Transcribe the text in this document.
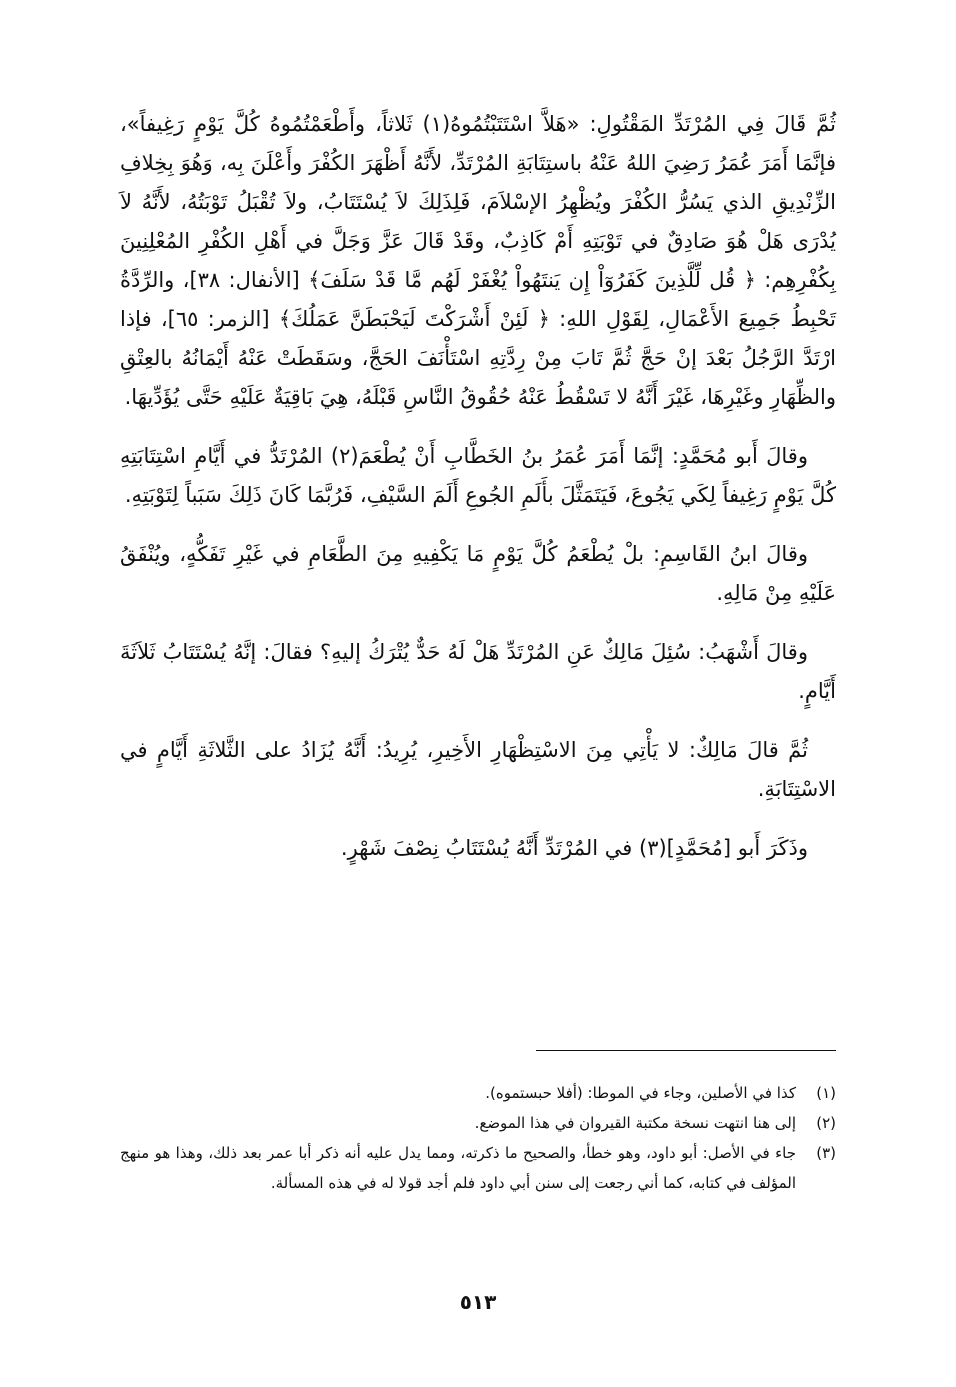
ثُمَّ قَالَ فِي المُرْتَدِّ المَقْتُولِ: «هَلاَّ اسْتَتَبْتُمُوهُ(١) ثَلاثاً، وأَطْعَمْتُمُوهُ كُلَّ يَوْمٍ رَغِيفاً»، فإنَّمَا أَمَرَ عُمَرُ رَضِيَ اللهُ عَنْهُ باستِتَابَةِ المُرْتَدِّ، لأَنَّهُ أَظْهَرَ الكُفْرَ وأَعْلَنَ بِه، وَهُوَ بِخِلافِ الزِّنْدِيقِ الذي يَسُرُّ الكُفْرَ ويُظْهِرُ الإسْلاَمَ، فَلِذَلِكَ لاَ يُسْتَتَابُ، ولاَ تُقْبَلُ تَوْبَتُهُ، لأَنَّهُ لاَ يُدْرَى هَلْ هُوَ صَادِقٌ في تَوْبَتِهِ أَمْ كَاذِبٌ، وقَدْ قَالَ عَزَّ وَجَلَّ في أَهْلِ الكُفْرِ المُعْلِنِينَ بِكُفْرِهِم: ﴿ قُل لِّلَّذِينَ كَفَرُوٓاْ إِن يَنتَهُواْ يُغْفَرْ لَهُم مَّا قَدْ سَلَفَ﴾ [الأنفال: ٣٨]، والرِّدَّةُ تَحْبِطُ جَمِيعَ الأَعْمَالِ، لِقَوْلِ اللهِ: ﴿ لَئِنْ أَشْرَكْتَ لَيَحْبَطَنَّ عَمَلُكَ﴾ [الزمر: ٦٥]، فإذا ارْتَدَّ الرَّجُلُ بَعْدَ إنْ حَجَّ ثُمَّ تَابَ مِنْ رِدَّتِهِ اسْتَأْنَفَ الحَجَّ، وسَقَطَتْ عَنْهُ أَيْمَانُهُ بالعِتْقِ والظِّهَارِ وغَيْرِهَا، غَيْرَ أَنَّهُ لا تَسْقُطُ عَنْهُ حُقُوقُ النَّاسِ قَبْلَهُ، هِيَ بَاقِيَةٌ عَلَيْهِ حَتَّى يُؤَدِّيهَا.

وقالَ أَبو مُحَمَّدٍ: إنَّمَا أَمَرَ عُمَرُ بنُ الخَطَّابِ أَنْ يُطْعَمَ(٢) المُرْتَدُّ في أَيَّامِ اسْتِتَابَتِهِ كُلَّ يَوْمٍ رَغِيفاً لِكَي يَجُوعَ، فَيَتَمَثَّلَ بأَلَمِ الجُوعِ أَلَمَ السَّيْفِ، فَرُبَّمَا كَانَ ذَلِكَ سَبَباً لِتَوْبَتِهِ.

وقالَ ابنُ القَاسِمِ: بلْ يُطْعَمُ كُلَّ يَوْمٍ مَا يَكْفِيهِ مِنَ الطَّعَامِ في غَيْرِ تَفَكُّهٍ، ويُنْفَقُ عَلَيْهِ مِنْ مَالِهِ.

وقالَ أَشْهَبُ: سُئِلَ مَالِكٌ عَنِ المُرْتَدِّ هَلْ لَهُ حَدٌّ يُتْرَكُ إليهِ؟ فقالَ: إنَّهُ يُسْتَتَابُ ثَلاَثَةَ أَيَّامٍ.

ثُمَّ قالَ مَالِكٌ: لا يَأْتِي مِنَ الاسْتِظْهَارِ الأَخِيرِ، يُرِيدُ: أَنَّهُ يُزَادُ على الثَّلاثَةِ أَيَّامٍ في الاسْتِتَابَةِ.

وذَكَرَ أَبو [مُحَمَّدٍ](٣) في المُرْتَدِّ أَنَّهُ يُسْتَتَابُ نِصْفَ شَهْرٍ.

(١)
كذا في الأصلين، وجاء في الموطا: (أفلا حبستموه).
(٢)
إلى هنا انتهت نسخة مكتبة القيروان في هذا الموضع.
(٣)
جاء في الأصل: أبو داود، وهو خطأ، والصحيح ما ذكرته، ومما يدل عليه أنه ذكر أبا عمر بعد ذلك، وهذا هو منهج المؤلف في كتابه، كما أني رجعت إلى سنن أبي داود فلم أجد قولا له في هذه المسألة.
٥١٣
